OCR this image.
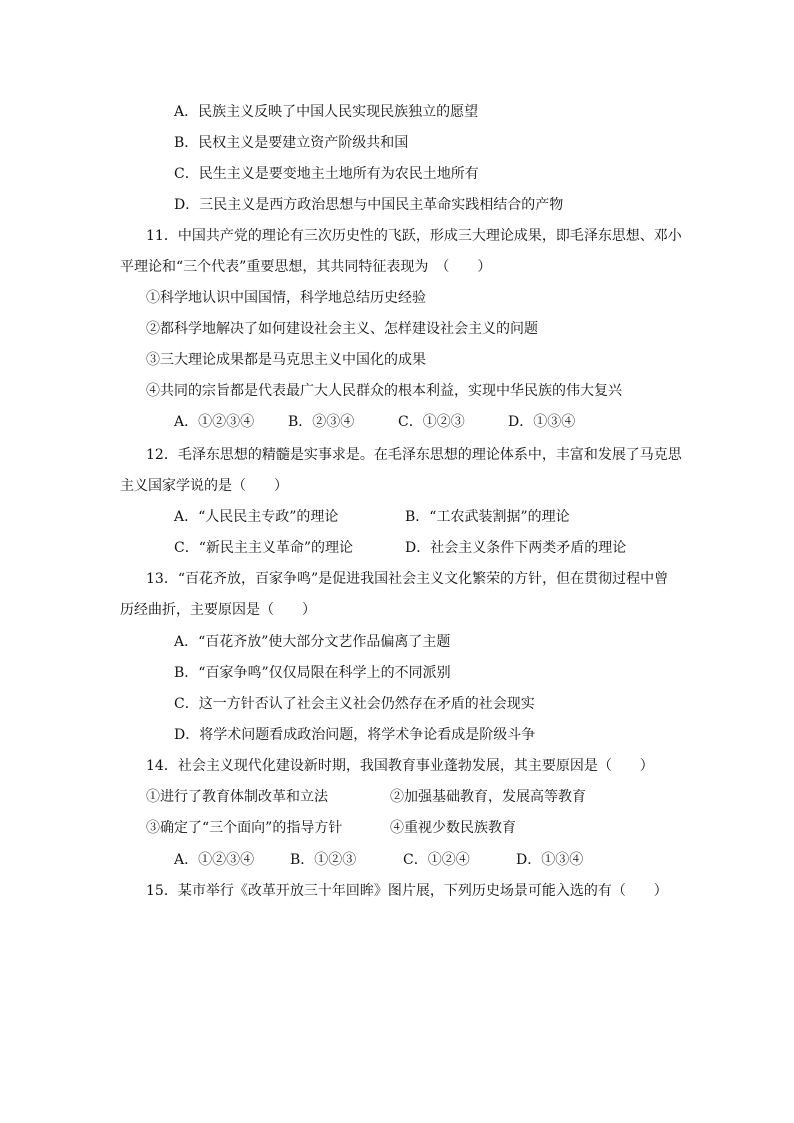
A．民族主义反映了中国人民实现民族独立的愿望
B．民权主义是要建立资产阶级共和国
C．民生主义是要变地主土地所有为农民土地所有
D．三民主义是西方政治思想与中国民主革命实践相结合的产物
11．中国共产党的理论有三次历史性的飞跃，形成三大理论成果，即毛泽东思想、邓小
平理论和“三个代表”重要思想，其共同特征表现为　（　　）
①科学地认识中国国情，科学地总结历史经验
②都科学地解决了如何建设社会主义、怎样建设社会主义的问题
③三大理论成果都是马克思主义中国化的成果
④共同的宗旨都是代表最广大人民群众的根本利益，实现中华民族的伟大复兴
A．①②③④ B．②③④	C．①②③	D．①③④
12．毛泽东思想的精髓是实事求是。在毛泽东思想的理论体系中，丰富和发展了马克思
主义国家学说的是（　　）
A．“人民民主专政”的理论	B．“工农武装割据”的理论
C．“新民主主义革命”的理论	D．社会主义条件下两类矛盾的理论
13．“百花齐放，百家争鸣”是促进我国社会主义文化繁荣的方针，但在贯彻过程中曾
历经曲折，主要原因是（　　）
A．“百花齐放”使大部分文艺作品偏离了主题
B．“百家争鸣”仅仅局限在科学上的不同派别
C．这一方针否认了社会主义社会仍然存在矛盾的社会现实
D．将学术问题看成政治问题，将学术争论看成是阶级斗争
14．社会主义现代化建设新时期，我国教育事业蓬勃发展，其主要原因是（　　）
①进行了教育体制改革和立法	②加强基础教育，发展高等教育
③确定了“三个面向”的指导方针	④重视少数民族教育
A．①②③④	B．①②③	C．①②④	D．①③④
15．某市举行《改革开放三十年回眸》图片展，下列历史场景可能入选的有（　　）
